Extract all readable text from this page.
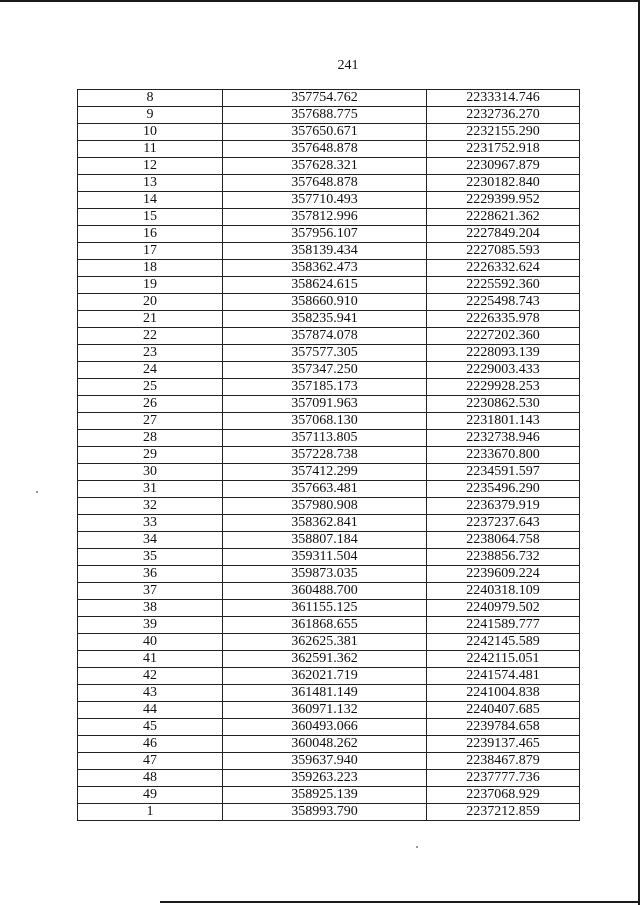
241
8	357754.762	2233314.746
9	357688.775	2232736.270
10	357650.671	2232155.290
11	357648.878	2231752.918
12	357628.321	2230967.879
13	357648.878	2230182.840
14	357710.493	2229399.952
15	357812.996	2228621.362
16	357956.107	2227849.204
17	358139.434	2227085.593
18	358362.473	2226332.624
19	358624.615	2225592.360
20	358660.910	2225498.743
21	358235.941	2226335.978
22	357874.078	2227202.360
23	357577.305	2228093.139
24	357347.250	2229003.433
25	357185.173	2229928.253
26	357091.963	2230862.530
27	357068.130	2231801.143
28	357113.805	2232738.946
29	357228.738	2233670.800
30	357412.299	2234591.597
31	357663.481	2235496.290
32	357980.908	2236379.919
33	358362.841	2237237.643
34	358807.184	2238064.758
35	359311.504	2238856.732
36	359873.035	2239609.224
37	360488.700	2240318.109
38	361155.125	2240979.502
39	361868.655	2241589.777
40	362625.381	2242145.589
41	362591.362	2242115.051
42	362021.719	2241574.481
43	361481.149	2241004.838
44	360971.132	2240407.685
45	360493.066	2239784.658
46	360048.262	2239137.465
47	359637.940	2238467.879
48	359263.223	2237777.736
49	358925.139	2237068.929
1	358993.790	2237212.859
